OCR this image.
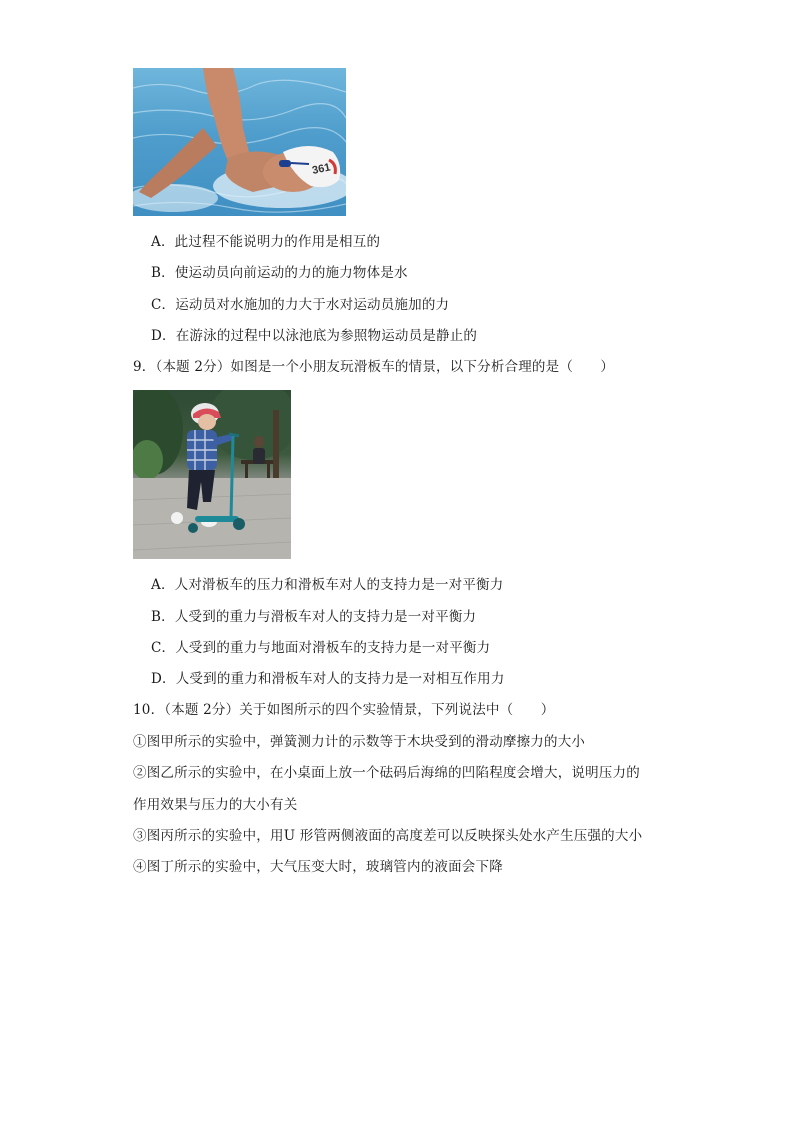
361
A．此过程不能说明力的作用是相互的
B．使运动员向前运动的力的施力物体是水
C．运动员对水施加的力大于水对运动员施加的力
D．在游泳的过程中以泳池底为参照物运动员是静止的
9．（本题 2分）如图是一个小朋友玩滑板车的情景，以下分析合理的是（　　）
A．人对滑板车的压力和滑板车对人的支持力是一对平衡力
B．人受到的重力与滑板车对人的支持力是一对平衡力
C．人受到的重力与地面对滑板车的支持力是一对平衡力
D．人受到的重力和滑板车对人的支持力是一对相互作用力
10．（本题 2分）关于如图所示的四个实验情景，下列说法中（　　）
①图甲所示的实验中，弹簧测力计的示数等于木块受到的滑动摩擦力的大小
②图乙所示的实验中，在小桌面上放一个砝码后海绵的凹陷程度会增大，说明压力的
作用效果与压力的大小有关
③图丙所示的实验中，用U 形管两侧液面的高度差可以反映探头处水产生压强的大小
④图丁所示的实验中，大气压变大时，玻璃管内的液面会下降
